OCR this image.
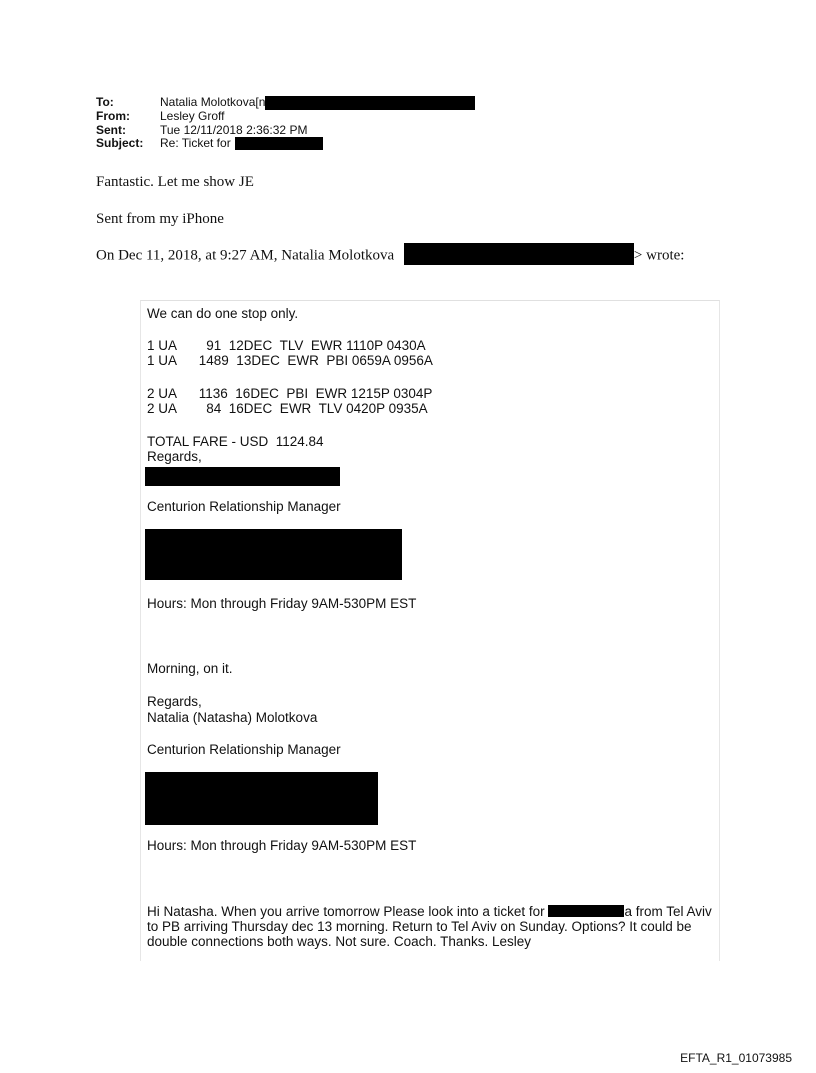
To:	Natalia Molotkova[n
From:	Lesley Groff
Sent:	Tue 12/11/2018 2:36:32 PM
Subject:	Re: Ticket for
Fantastic. Let me show JE
Sent from my iPhone
On Dec 11, 2018, at 9:27 AM, Natalia Molotkova	> wrote:
We can do one stop only.
1 UA        91  12DEC  TLV  EWR 1110P 0430A
1 UA      1489  13DEC  EWR  PBI 0659A 0956A
2 UA      1136  16DEC  PBI  EWR 1215P 0304P
2 UA        84  16DEC  EWR  TLV 0420P 0935A
TOTAL FARE - USD  1124.84
Regards,
Centurion Relationship Manager
Hours: Mon through Friday 9AM-530PM EST
Morning, on it.
Regards,
Natalia (Natasha) Molotkova
Centurion Relationship Manager
Hours: Mon through Friday 9AM-530PM EST
Hi Natasha. When you arrive tomorrow Please look into a ticket for	a from Tel Aviv to PB arriving Thursday dec 13 morning. Return to Tel Aviv on Sunday. Options? It could be double connections both ways. Not sure. Coach. Thanks. Lesley
EFTA_R1_01073985
